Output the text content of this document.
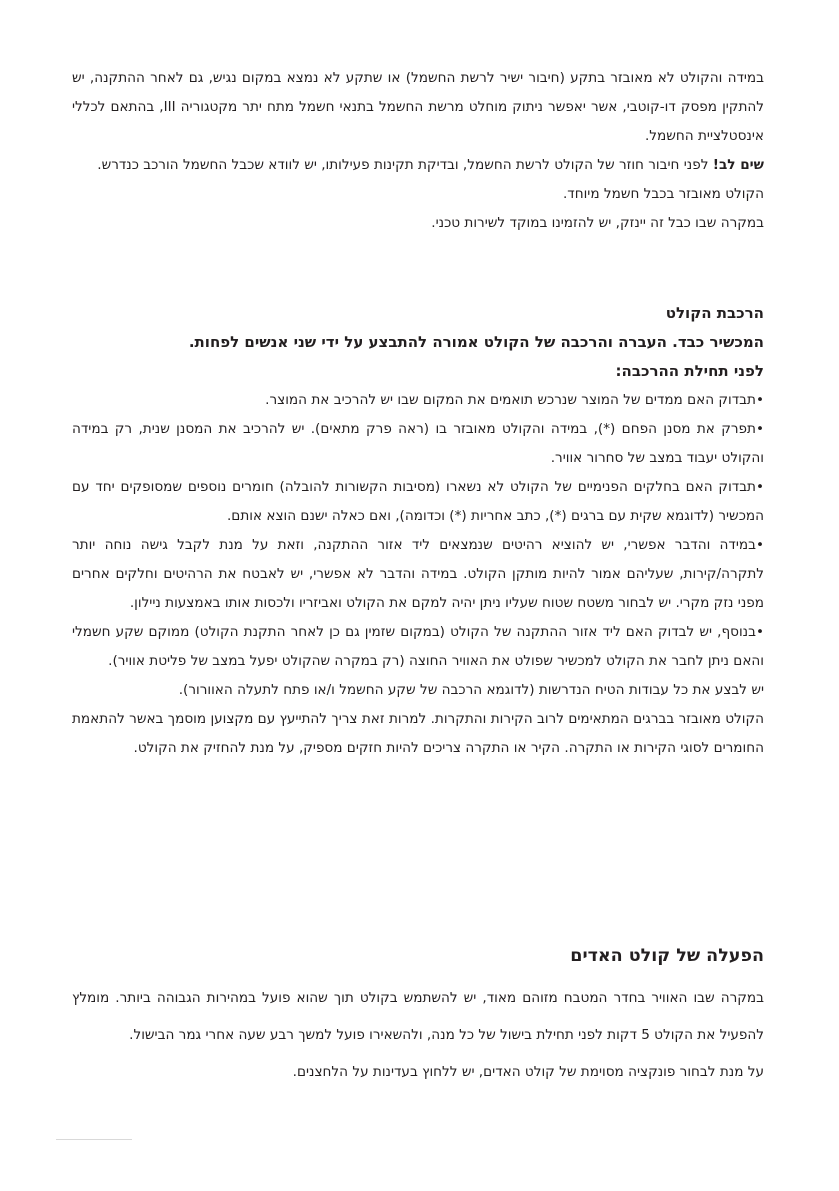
במידה והקולט לא מאובזר בתקע (חיבור ישיר לרשת החשמל) או שתקע לא נמצא במקום נגיש, גם לאחר ההתקנה, יש להתקין מפסק דו-קוטבי, אשר יאפשר ניתוק מוחלט מרשת החשמל בתנאי חשמל מתח יתר מקטגוריה III, בהתאם לכללי אינסטלציית החשמל.

שים לב! לפני חיבור חוזר של הקולט לרשת החשמל, ובדיקת תקינות פעילותו, יש לוודא שכבל החשמל הורכב כנדרש.

הקולט מאובזר בכבל חשמל מיוחד.

במקרה שבו כבל זה יינזק, יש להזמינו במוקד לשירות טכני.

הרכבת הקולט

המכשיר כבד. העברה והרכבה של הקולט אמורה להתבצע על ידי שני אנשים לפחות.

לפני תחילת ההרכבה:

•תבדוק האם ממדים של המוצר שנרכש תואמים את המקום שבו יש להרכיב את המוצר.

•תפרק את מסנן הפחם (*), במידה והקולט מאובזר בו (ראה פרק מתאים). יש להרכיב את המסנן שנית, רק במידה והקולט יעבוד במצב של סחרור אוויר.

•תבדוק האם בחלקים הפנימיים של הקולט לא נשארו (מסיבות הקשורות להובלה) חומרים נוספים שמסופקים יחד עם המכשיר (לדוגמא שקית עם ברגים (*), כתב אחריות (*) וכדומה), ואם כאלה ישנם הוצא אותם.

•במידה והדבר אפשרי, יש להוציא רהיטים שנמצאים ליד אזור ההתקנה, וזאת על מנת לקבל גישה נוחה יותר לתקרה/קירות, שעליהם אמור להיות מותקן הקולט. במידה והדבר לא אפשרי, יש לאבטח את הרהיטים וחלקים אחרים מפני נזק מקרי. יש לבחור משטח שטוח שעליו ניתן יהיה למקם את הקולט ואביזריו ולכסות אותו באמצעות ניילון.

•בנוסף, יש לבדוק האם ליד אזור ההתקנה של הקולט (במקום שזמין גם כן לאחר התקנת הקולט) ממוקם שקע חשמלי והאם ניתן לחבר את הקולט למכשיר שפולט את האוויר החוצה (רק במקרה שהקולט יפעל במצב של פליטת אוויר).

יש לבצע את כל עבודות הטיח הנדרשות (לדוגמא הרכבה של שקע החשמל ו/או פתח לתעלה האוורור).

הקולט מאובזר בברגים המתאימים לרוב הקירות והתקרות. למרות זאת צריך להתייעץ עם מקצוען מוסמך באשר להתאמת החומרים לסוגי הקירות או התקרה. הקיר או התקרה צריכים להיות חזקים מספיק, על מנת להחזיק את הקולט.

הפעלה של קולט האדים

במקרה שבו האוויר בחדר המטבח מזוהם מאוד, יש להשתמש בקולט תוך שהוא פועל במהירות הגבוהה ביותר. מומלץ להפעיל את הקולט 5 דקות לפני תחילת בישול של כל מנה, ולהשאירו פועל למשך רבע שעה אחרי גמר הבישול.

על מנת לבחור פונקציה מסוימת של קולט האדים, יש ללחוץ בעדינות על הלחצנים.
